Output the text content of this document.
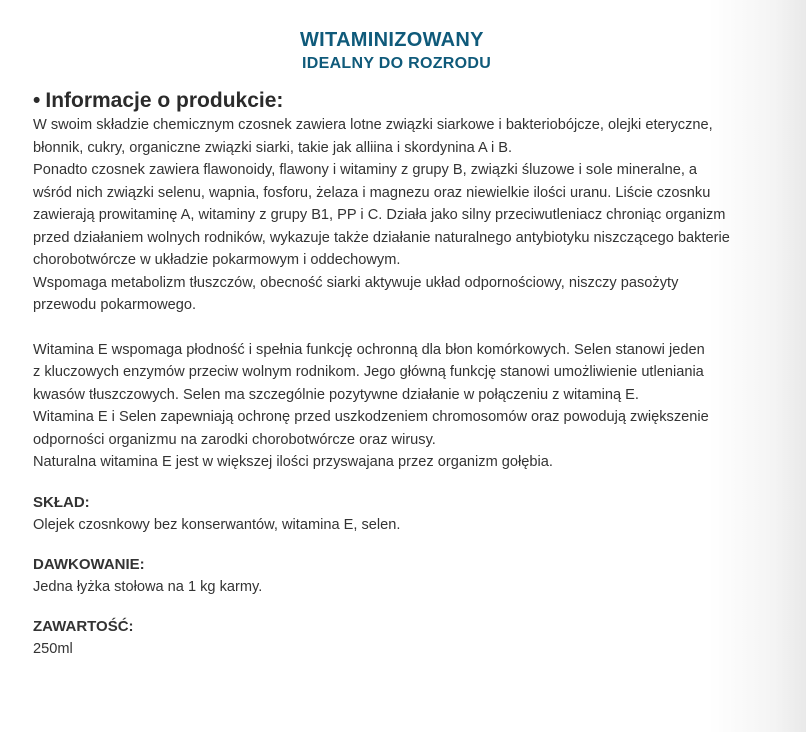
WITAMINIZOWANY
IDEALNY DO ROZRODU
• Informacje o produkcie:

W swoim składzie chemicznym czosnek zawiera lotne związki siarkowe i bakteriobójcze, olejki eteryczne,
błonnik, cukry, organiczne związki siarki, takie jak alliina i skordynina A i B.
Ponadto czosnek zawiera flawonoidy, flawony i witaminy z grupy B, związki śluzowe i sole mineralne, a
wśród nich związki selenu, wapnia, fosforu, żelaza i magnezu oraz niewielkie ilości uranu. Liście czosnku
zawierają prowitaminę A, witaminy z grupy B1, PP i C. Działa jako silny przeciwutleniacz chroniąc organizm
przed działaniem wolnych rodników, wykazuje także działanie naturalnego antybiotyku niszczącego bakterie
chorobotwórcze w układzie pokarmowym i oddechowym.
Wspomaga metabolizm tłuszczów, obecność siarki aktywuje układ odpornościowy, niszczy pasożyty
przewodu pokarmowego.

Witamina E wspomaga płodność i spełnia funkcję ochronną dla błon komórkowych. Selen stanowi jeden
z kluczowych enzymów przeciw wolnym rodnikom. Jego główną funkcję stanowi umożliwienie utleniania
kwasów tłuszczowych. Selen ma szczególnie pozytywne działanie w połączeniu z witaminą E.
Witamina E i Selen zapewniają ochronę przed uszkodzeniem chromosomów oraz powodują zwiększenie
odporności organizmu na zarodki chorobotwórcze oraz wirusy.
Naturalna witamina E jest w większej ilości przyswajana przez organizm gołębia.

SKŁAD:

Olejek czosnkowy bez konserwantów, witamina E, selen.

DAWKOWANIE:

Jedna łyżka stołowa na 1 kg karmy.

ZAWARTOŚĆ:

250ml
